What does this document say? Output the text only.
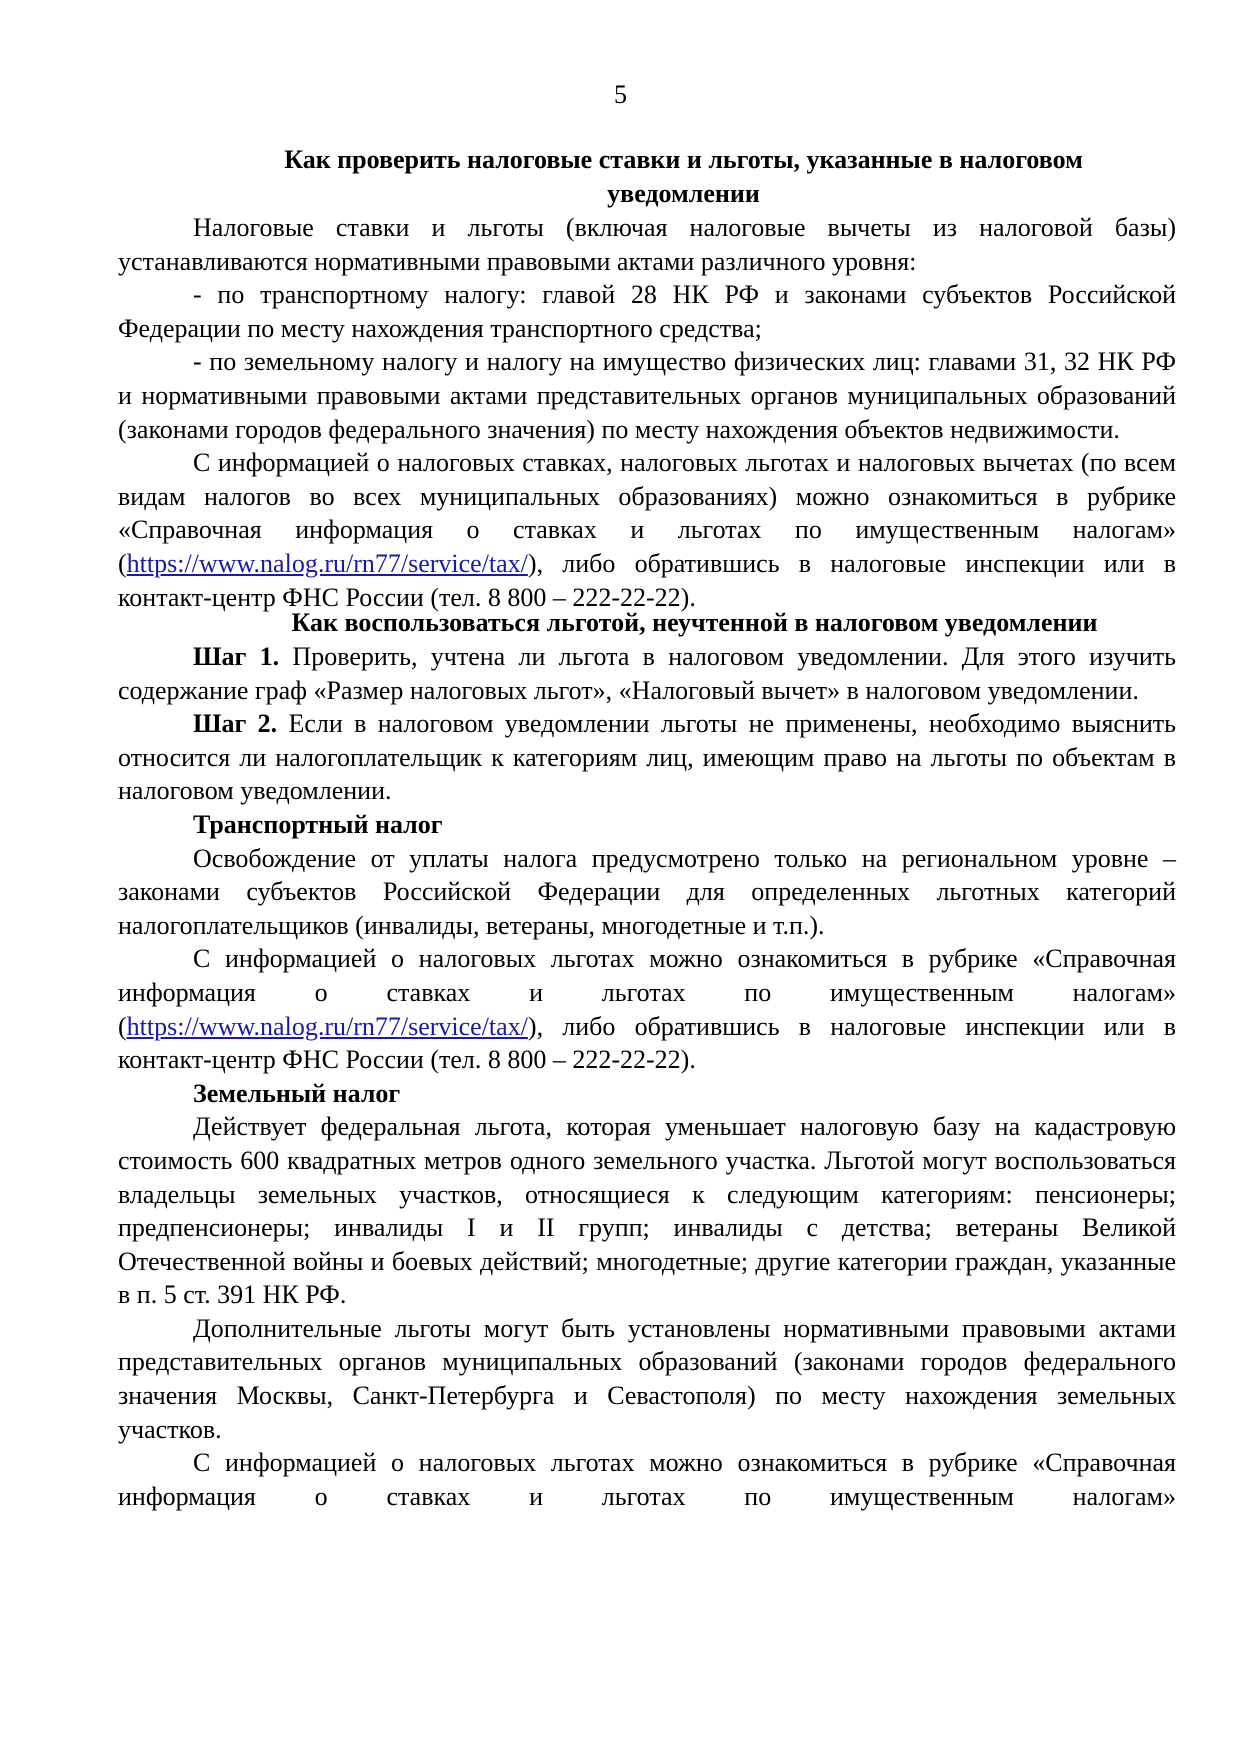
5

Как проверить налоговые ставки и льготы, указанные в налоговом уведомлении

Налоговые ставки и льготы (включая налоговые вычеты из налоговой базы) устанавливаются нормативными правовыми актами различного уровня:

- по транспортному налогу: главой 28 НК РФ и законами субъектов Российской Федерации по месту нахождения транспортного средства;

- по земельному налогу и налогу на имущество физических лиц: главами 31, 32 НК РФ и нормативными правовыми актами представительных органов муниципальных образований (законами городов федерального значения) по месту нахождения объектов недвижимости.

С информацией о налоговых ставках, налоговых льготах и налоговых вычетах (по всем видам налогов во всех муниципальных образованиях) можно ознакомиться в рубрике «Справочная информация о ставках и льготах по имущественным налогам» (https://www.nalog.ru/rn77/service/tax/), либо обратившись в налоговые инспекции или в контакт-центр ФНС России (тел. 8 800 – 222-22-22).

Как воспользоваться льготой, неучтенной в налоговом уведомлении

Шаг 1. Проверить, учтена ли льгота в налоговом уведомлении. Для этого изучить содержание граф «Размер налоговых льгот», «Налоговый вычет» в налоговом уведомлении.

Шаг 2. Если в налоговом уведомлении льготы не применены, необходимо выяснить относится ли налогоплательщик к категориям лиц, имеющим право на льготы по объектам в налоговом уведомлении.

Транспортный налог

Освобождение от уплаты налога предусмотрено только на региональном уровне – законами субъектов Российской Федерации для определенных льготных категорий налогоплательщиков (инвалиды, ветераны, многодетные и т.п.).

С информацией о налоговых льготах можно ознакомиться в рубрике «Справочная информация о ставках и льготах по имущественным налогам» (https://www.nalog.ru/rn77/service/tax/), либо обратившись в налоговые инспекции или в контакт-центр ФНС России (тел. 8 800 – 222-22-22).

Земельный налог

Действует федеральная льгота, которая уменьшает налоговую базу на кадастровую стоимость 600 квадратных метров одного земельного участка. Льготой могут воспользоваться владельцы земельных участков, относящиеся к следующим категориям: пенсионеры; предпенсионеры; инвалиды I и II групп; инвалиды с детства; ветераны Великой Отечественной войны и боевых действий; многодетные; другие категории граждан, указанные в п. 5 ст. 391 НК РФ.

Дополнительные льготы могут быть установлены нормативными правовыми актами представительных органов муниципальных образований (законами городов федерального значения Москвы, Санкт-Петербурга и Севастополя) по месту нахождения земельных участков.

С информацией о налоговых льготах можно ознакомиться в рубрике «Справочная информация о ставках и льготах по имущественным налогам»
